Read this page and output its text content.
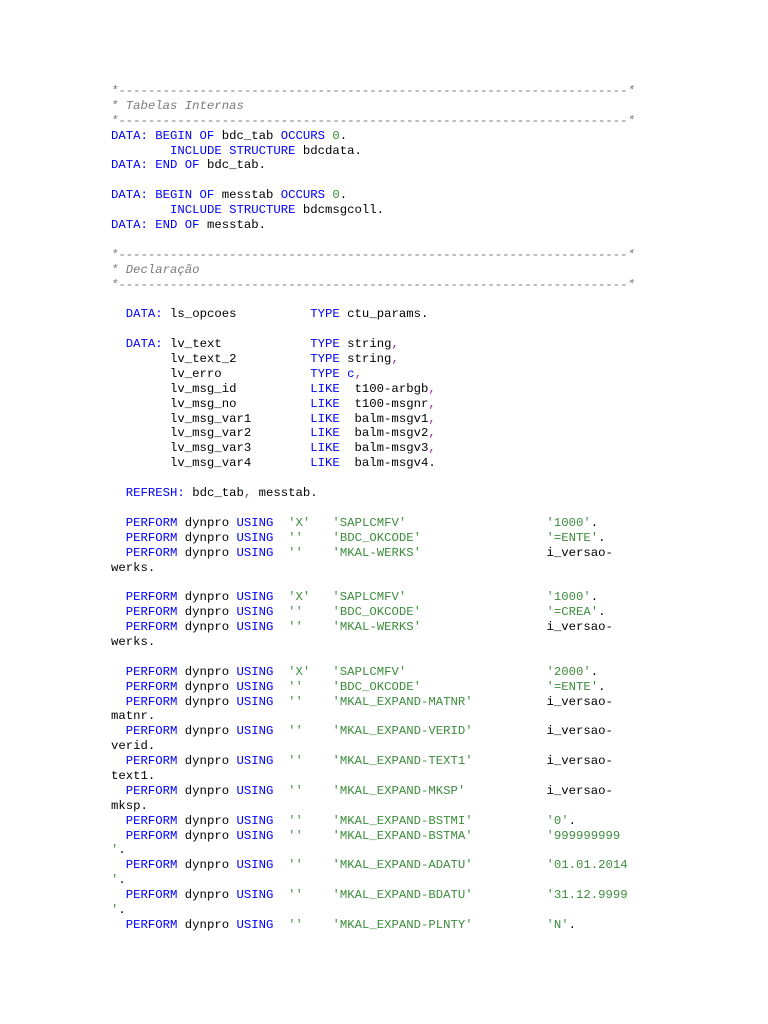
*---------------------------------------------------------------------*
* Tabelas Internas
*---------------------------------------------------------------------*
DATA: BEGIN OF bdc_tab OCCURS 0.
INCLUDE STRUCTURE bdcdata.
DATA: END OF bdc_tab.
DATA: BEGIN OF messtab OCCURS 0.
INCLUDE STRUCTURE bdcmsgcoll.
DATA: END OF messtab.
*---------------------------------------------------------------------*
* Declaração
*---------------------------------------------------------------------*
DATA: ls_opcoes          TYPE ctu_params.
DATA: lv_text            TYPE string,
lv_text_2          TYPE string,
lv_erro            TYPE c,
lv_msg_id          LIKE  t100-arbgb,
lv_msg_no          LIKE  t100-msgnr,
lv_msg_var1        LIKE  balm-msgv1,
lv_msg_var2        LIKE  balm-msgv2,
lv_msg_var3        LIKE  balm-msgv3,
lv_msg_var4        LIKE  balm-msgv4.
REFRESH: bdc_tab, messtab.
PERFORM dynpro USING 'X' 'SAPLCMFV'	'1000'.
PERFORM dynpro USING '' 'BDC_OKCODE'	'=ENTE'.
PERFORM dynpro USING '' 'MKAL-WERKS'                 i_versao-
werks.
PERFORM dynpro USING 'X' 'SAPLCMFV'	'1000'.
PERFORM dynpro USING '' 'BDC_OKCODE'	'=CREA'.
PERFORM dynpro USING '' 'MKAL-WERKS'                 i_versao-
werks.
PERFORM dynpro USING 'X' 'SAPLCMFV'	'2000'.
PERFORM dynpro USING '' 'BDC_OKCODE'	'=ENTE'.
PERFORM dynpro USING '' 'MKAL_EXPAND-MATNR'          i_versao-
matnr.
PERFORM dynpro USING '' 'MKAL_EXPAND-VERID'          i_versao-
verid.
PERFORM dynpro USING '' 'MKAL_EXPAND-TEXT1'          i_versao-
text1.
PERFORM dynpro USING '' 'MKAL_EXPAND-MKSP'           i_versao-
mksp.
PERFORM dynpro USING '' 'MKAL_EXPAND-BSTMI'	'0'.
PERFORM dynpro USING '' 'MKAL_EXPAND-BSTMA'	'999999999
'.
PERFORM dynpro USING '' 'MKAL_EXPAND-ADATU'	'01.01.2014
'.
PERFORM dynpro USING '' 'MKAL_EXPAND-BDATU'	'31.12.9999
'.
PERFORM dynpro USING '' 'MKAL_EXPAND-PLNTY'	'N'.
